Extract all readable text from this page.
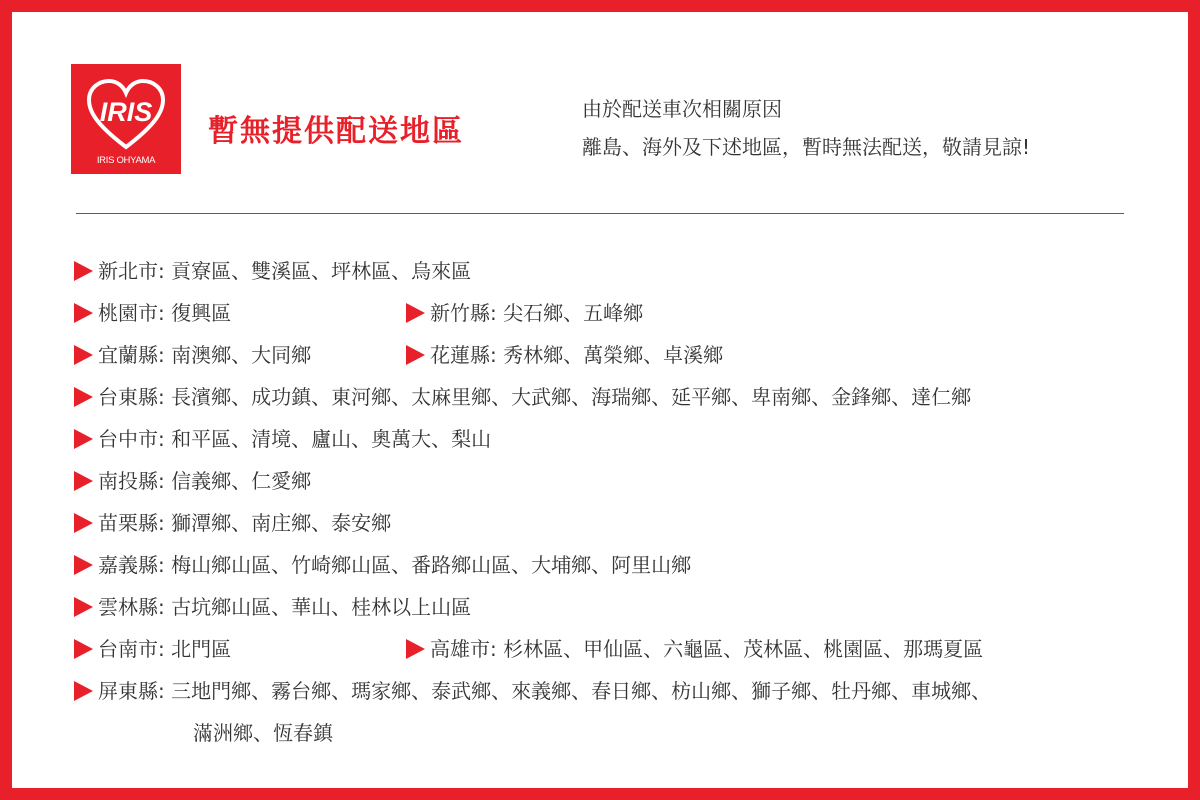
IRIS
IRIS OHYAMA
暫無提供配送地區
由於配送車次相關原因
離島、海外及下述地區，暫時無法配送，敬請見諒!
新北市: 貢寮區、雙溪區、坪林區、烏來區
桃園市: 復興區	新竹縣: 尖石鄉、五峰鄉
宜蘭縣: 南澳鄉、大同鄉	花蓮縣: 秀林鄉、萬榮鄉、卓溪鄉
台東縣: 長濱鄉、成功鎮、東河鄉、太麻里鄉、大武鄉、海瑞鄉、延平鄉、卑南鄉、金鋒鄉、達仁鄉
台中市: 和平區、清境、廬山、奧萬大、梨山
南投縣: 信義鄉、仁愛鄉
苗栗縣: 獅潭鄉、南庄鄉、泰安鄉
嘉義縣: 梅山鄉山區、竹崎鄉山區、番路鄉山區、大埔鄉、阿里山鄉
雲林縣: 古坑鄉山區、華山、桂林以上山區
台南市: 北門區	高雄市: 杉林區、甲仙區、六龜區、茂林區、桃園區、那瑪夏區
屏東縣: 三地門鄉、霧台鄉、瑪家鄉、泰武鄉、來義鄉、春日鄉、枋山鄉、獅子鄉、牡丹鄉、車城鄉、
滿洲鄉、恆春鎮
